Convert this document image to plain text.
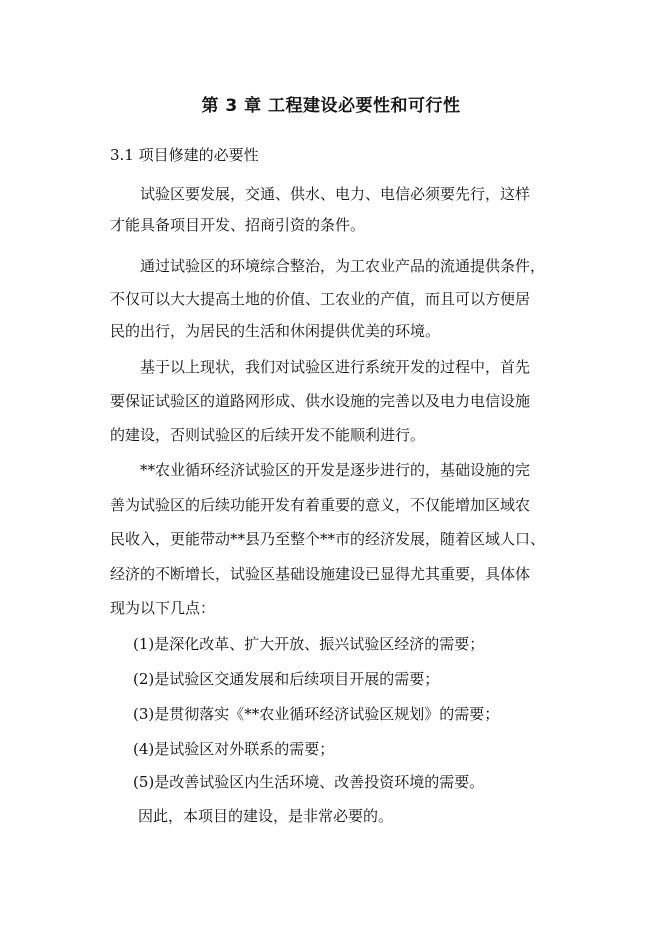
第 3 章 工程建设必要性和可行性
3.1 项目修建的必要性
试验区要发展，交通、供水、电力、电信必须要先行，这样
才能具备项目开发、招商引资的条件。
通过试验区的环境综合整治，为工农业产品的流通提供条件，
不仅可以大大提高土地的价值、工农业的产值，而且可以方便居
民的出行，为居民的生活和休闲提供优美的环境。
基于以上现状，我们对试验区进行系统开发的过程中，首先
要保证试验区的道路网形成、供水设施的完善以及电力电信设施
的建设，否则试验区的后续开发不能顺利进行。
**农业循环经济试验区的开发是逐步进行的，基础设施的完
善为试验区的后续功能开发有着重要的意义，不仅能增加区域农
民收入，更能带动**县乃至整个**市的经济发展，随着区域人口、
经济的不断增长，试验区基础设施建设已显得尤其重要，具体体
现为以下几点：
(1)是深化改革、扩大开放、振兴试验区经济的需要；
(2)是试验区交通发展和后续项目开展的需要；
(3)是贯彻落实《**农业循环经济试验区规划》的需要；
(4)是试验区对外联系的需要；
(5)是改善试验区内生活环境、改善投资环境的需要。
因此，本项目的建设，是非常必要的。
